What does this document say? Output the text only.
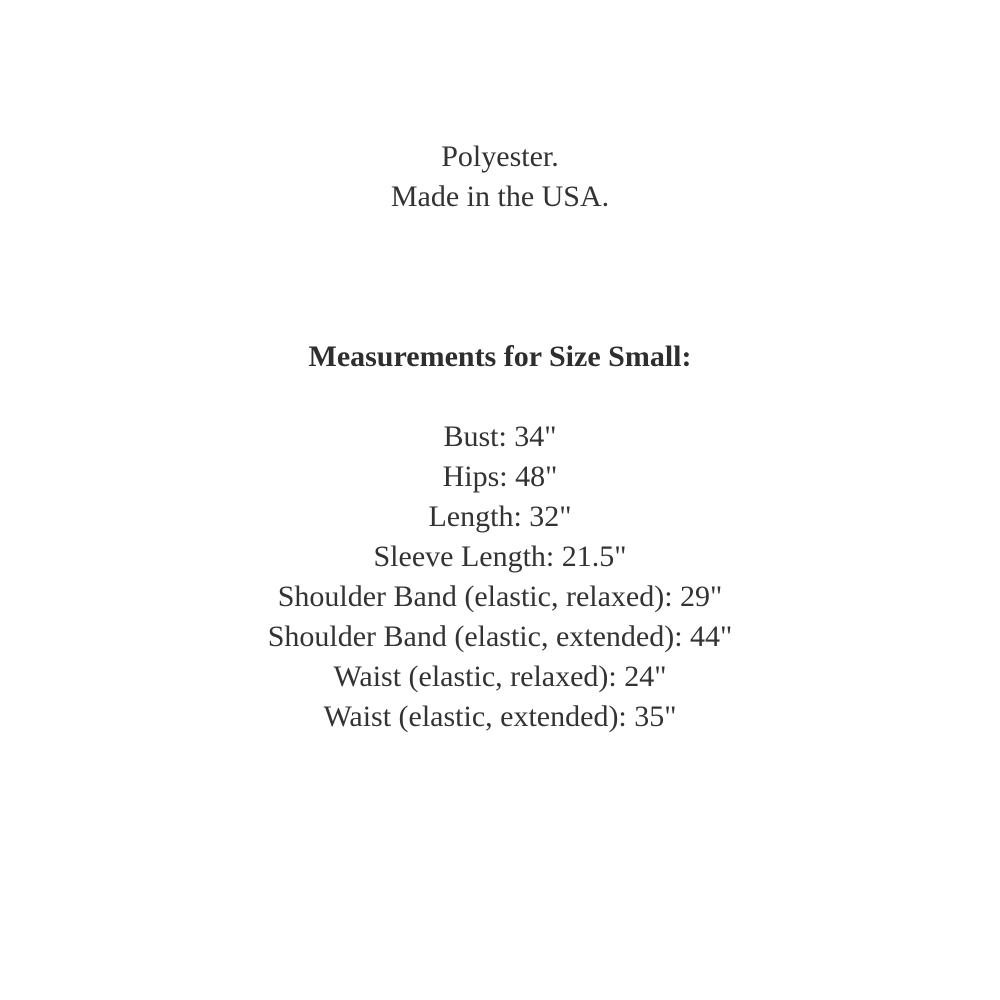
Polyester.
Made in the USA.
Measurements for Size Small:
Bust: 34"
Hips: 48"
Length: 32"
Sleeve Length: 21.5"
Shoulder Band (elastic, relaxed): 29"
Shoulder Band (elastic, extended): 44"
Waist (elastic, relaxed): 24"
Waist (elastic, extended): 35"
